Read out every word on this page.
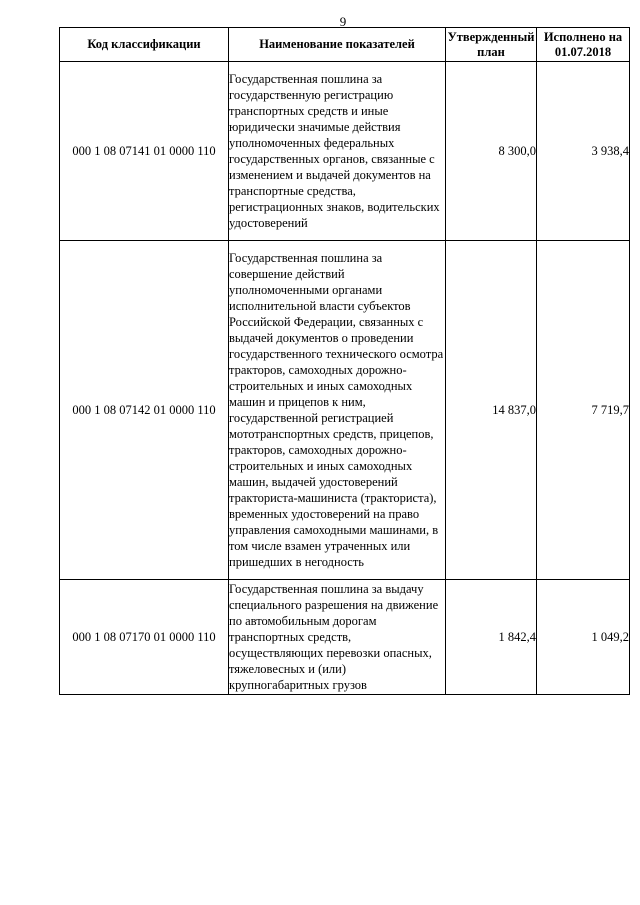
9
Код классификации	Наименование показателей	Утвержденный план	Исполнено на 01.07.2018
000 1 08 07141 01 0000 110	Государственная пошлина за государственную регистрацию транспортных средств и иные юридически значимые действия уполномоченных федеральных государственных органов, связанные с изменением и выдачей документов на транспортные средства, регистрационных знаков, водительских удостоверений	8 300,0	3 938,4
000 1 08 07142 01 0000 110	Государственная пошлина за совершение действий уполномоченными органами исполнительной власти субъектов Российской Федерации, связанных с выдачей документов о проведении государственного технического осмотра тракторов, самоходных дорожно-строительных и иных самоходных машин и прицепов к ним, государственной регистрацией мототранспортных средств, прицепов, тракторов, самоходных дорожно-строительных и иных самоходных машин, выдачей удостоверений тракториста-машиниста (тракториста), временных удостоверений на право управления самоходными машинами, в том числе взамен утраченных или пришедших в негодность	14 837,0	7 719,7
000 1 08 07170 01 0000 110	Государственная пошлина за выдачу специального разрешения на движение по автомобильным дорогам транспортных средств, осуществляющих перевозки опасных, тяжеловесных и (или) крупногабаритных грузов	1 842,4	1 049,2
